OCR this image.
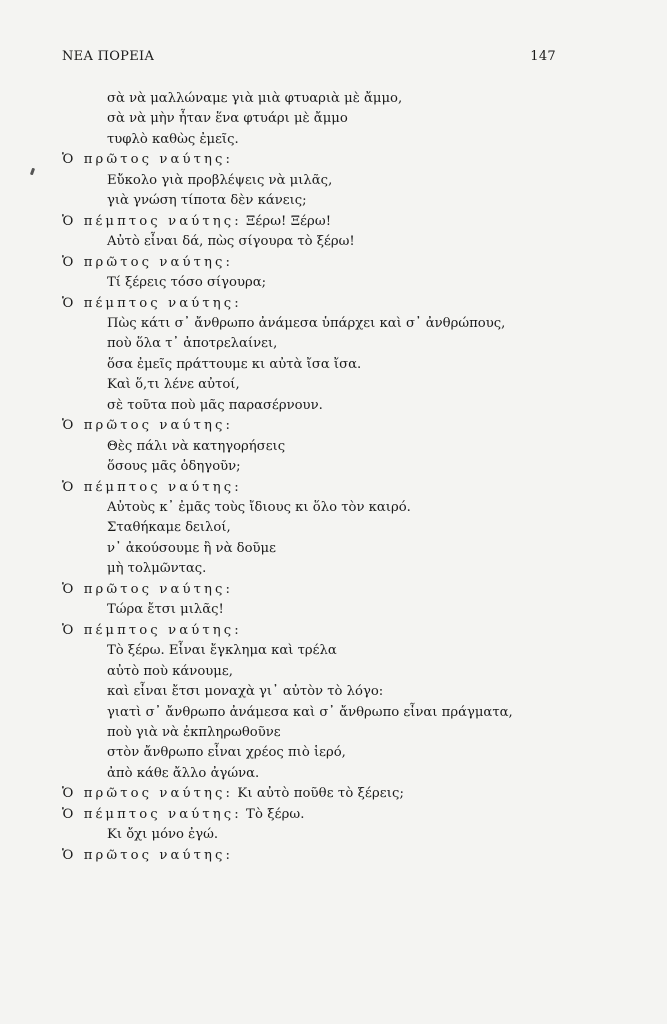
ΝΕΑ ΠΟΡΕΙΑ	147
σὰ νὰ μαλλώναμε γιὰ μιὰ φτυαριὰ μὲ ἄμμο,
σὰ νὰ μὴν ἦταν ἕνα φτυάρι μὲ ἄμμο
τυφλὸ καθὼς ἐμεῖς.
Ὁ πρῶτος ναύτης:
Εὔκολο γιὰ προβλέψεις νὰ μιλᾶς,
γιὰ γνώση τίποτα δὲν κάνεις;
Ὁ πέμπτος ναύτης: Ξέρω! Ξέρω!
Αὐτὸ εἶναι δά, πὼς σίγουρα τὸ ξέρω!
Ὁ πρῶτος ναύτης:
Τί ξέρεις τόσο σίγουρα;
Ὁ πέμπτος ναύτης:
Πὼς κάτι σ᾽ ἄνθρωπο ἀνάμεσα ὑπάρχει καὶ σ᾽ ἀνθρώπους,
ποὺ ὅλα τ᾽ ἀποτρελαίνει,
ὅσα ἐμεῖς πράττουμε κι αὐτὰ ἴσα ἴσα.
Καὶ ὅ,τι λένε αὐτοί,
σὲ τοῦτα ποὺ μᾶς παρασέρνουν.
Ὁ πρῶτος ναύτης:
Θὲς πάλι νὰ κατηγορήσεις
ὅσους μᾶς ὁδηγοῦν;
Ὁ πέμπτος ναύτης:
Αὐτοὺς κ᾽ ἐμᾶς τοὺς ἴδιους κι ὅλο τὸν καιρό.
Σταθήκαμε δειλοί,
ν᾽ ἀκούσουμε ἢ νὰ δοῦμε
μὴ τολμῶντας.
Ὁ πρῶτος ναύτης:
Τώρα ἔτσι μιλᾶς!
Ὁ πέμπτος ναύτης:
Τὸ ξέρω. Εἶναι ἔγκλημα καὶ τρέλα
αὐτὸ ποὺ κάνουμε,
καὶ εἶναι ἔτσι μοναχὰ γι᾽ αὐτὸν τὸ λόγο:
γιατὶ σ᾽ ἄνθρωπο ἀνάμεσα καὶ σ᾽ ἄνθρωπο εἶναι πράγματα,
ποὺ γιὰ νὰ ἐκπληρωθοῦνε
στὸν ἄνθρωπο εἶναι χρέος πιὸ ἱερό,
ἀπὸ κάθε ἄλλο ἀγώνα.
Ὁ πρῶτος ναύτης: Κι αὐτὸ ποῦθε τὸ ξέρεις;
Ὁ πέμπτος ναύτης: Τὸ ξέρω.
Κι ὄχι μόνο ἐγώ.
Ὁ πρῶτος ναύτης:
